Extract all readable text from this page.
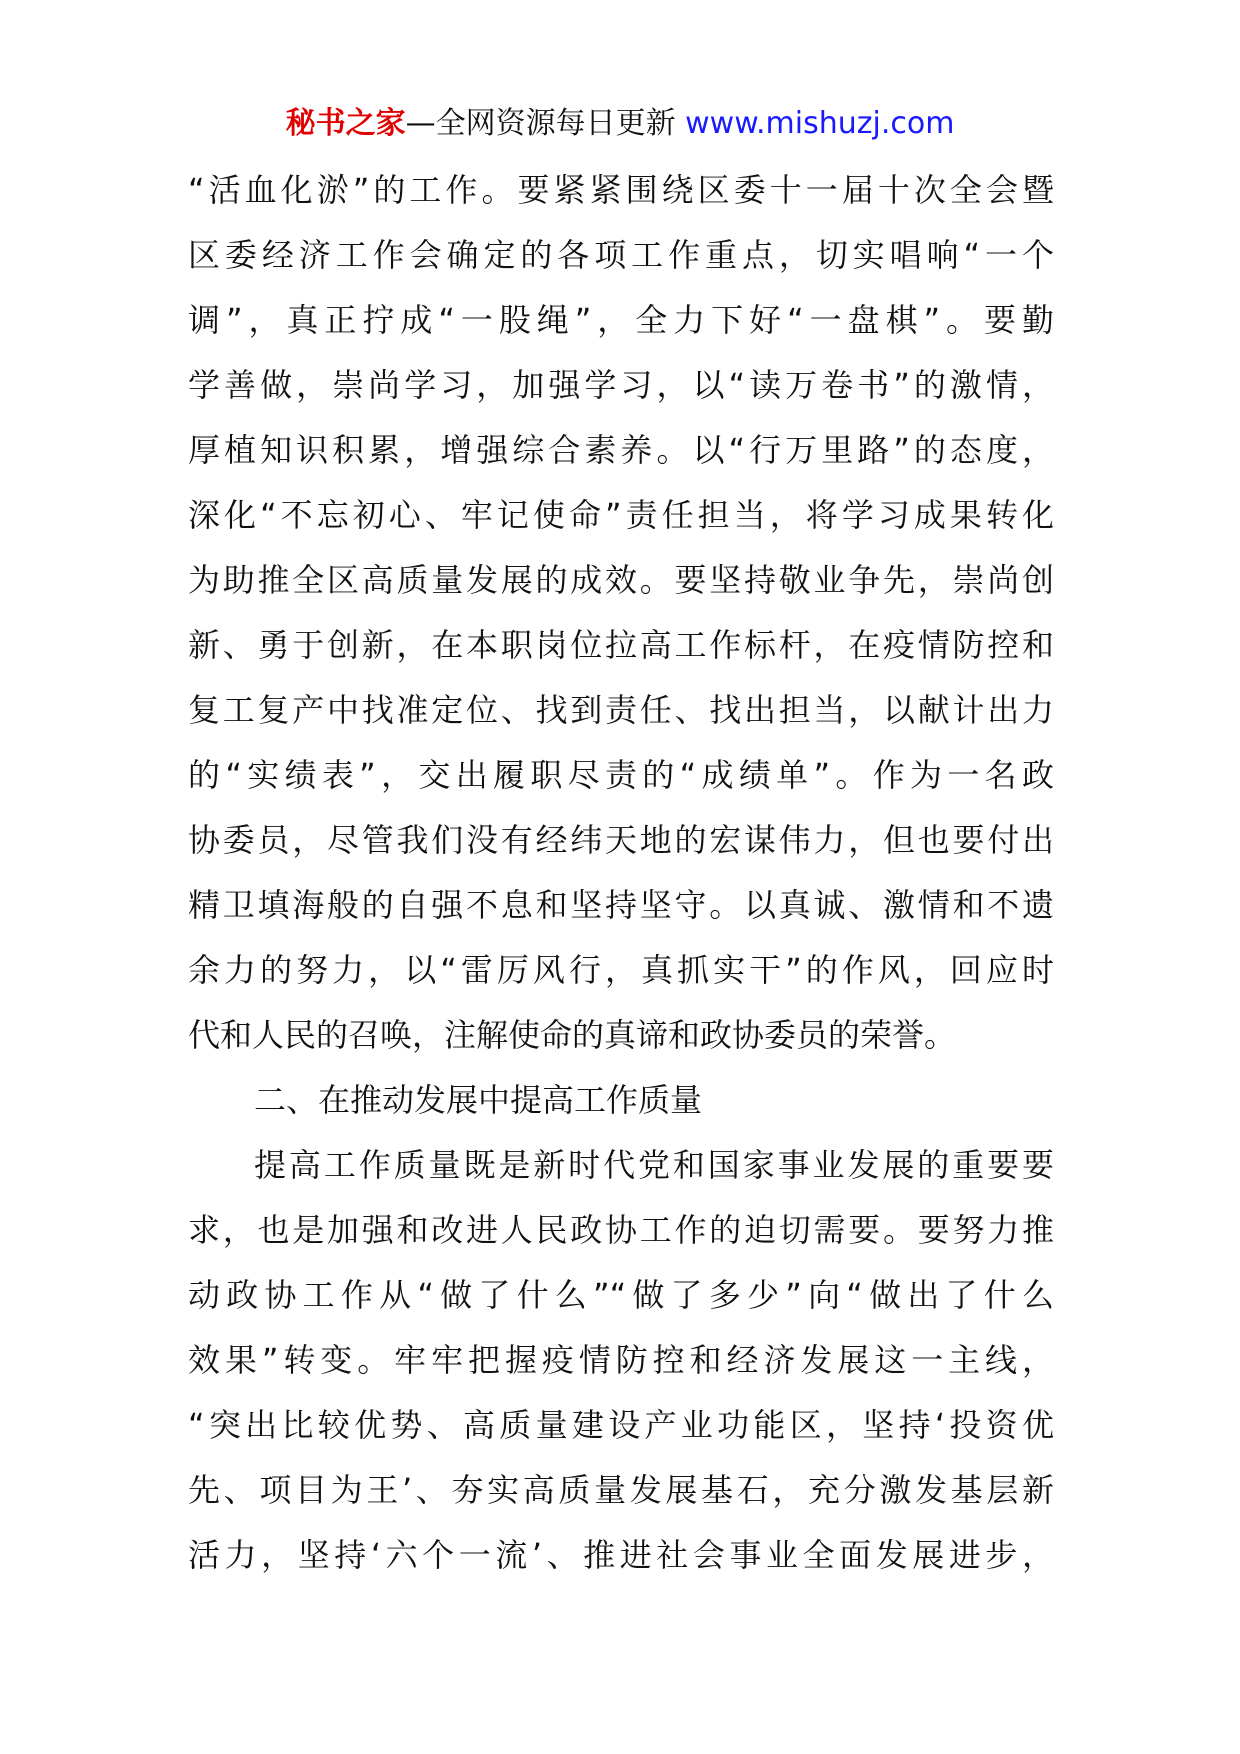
秘书之家—全网资源每日更新 www.mishuzj.com
“活血化淤”的工作。要紧紧围绕区委十一届十次全会暨
区委经济工作会确定的各项工作重点，切实唱响“一个
调”，真正拧成“一股绳”，全力下好“一盘棋”。要勤
学善做，崇尚学习，加强学习，以“读万卷书”的激情，
厚植知识积累，增强综合素养。以“行万里路”的态度，
深化“不忘初心、牢记使命”责任担当，将学习成果转化
为助推全区高质量发展的成效。要坚持敬业争先，崇尚创
新、勇于创新，在本职岗位拉高工作标杆，在疫情防控和
复工复产中找准定位、找到责任、找出担当，以献计出力
的“实绩表”，交出履职尽责的“成绩单”。作为一名政
协委员，尽管我们没有经纬天地的宏谋伟力，但也要付出
精卫填海般的自强不息和坚持坚守。以真诚、激情和不遗
余力的努力，以“雷厉风行，真抓实干”的作风，回应时
代和人民的召唤，注解使命的真谛和政协委员的荣誉。
二、在推动发展中提高工作质量
提高工作质量既是新时代党和国家事业发展的重要要
求，也是加强和改进人民政协工作的迫切需要。要努力推
动政协工作从“做了什么”“做了多少”向“做出了什么
效果”转变。牢牢把握疫情防控和经济发展这一主线，
“突出比较优势、高质量建设产业功能区，坚持‘投资优
先、项目为王’、夯实高质量发展基石，充分激发基层新
活力，坚持‘六个一流’、推进社会事业全面发展进步，
